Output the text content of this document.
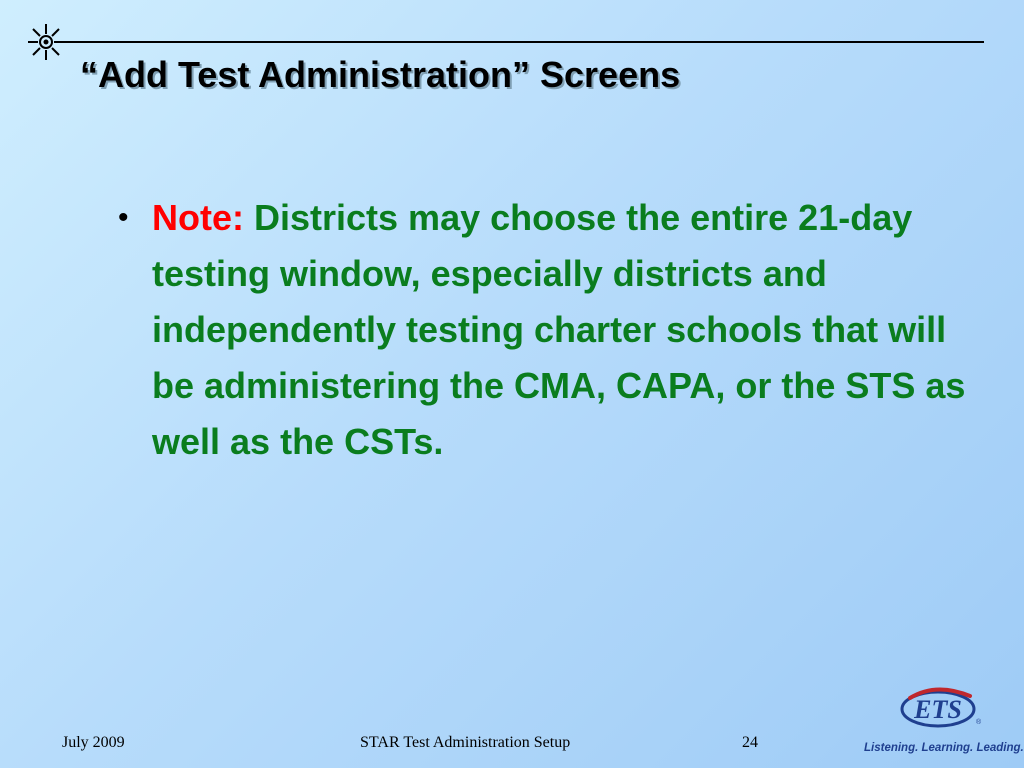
“Add Test Administration” Screens
• Note: Districts may choose the entire 21-day testing window, especially districts and independently testing charter schools that will be administering the CMA, CAPA, or the STS as well as the CSTs.
July 2009	STAR Test Administration Setup	24
ETS ®
Listening. Learning. Leading.
